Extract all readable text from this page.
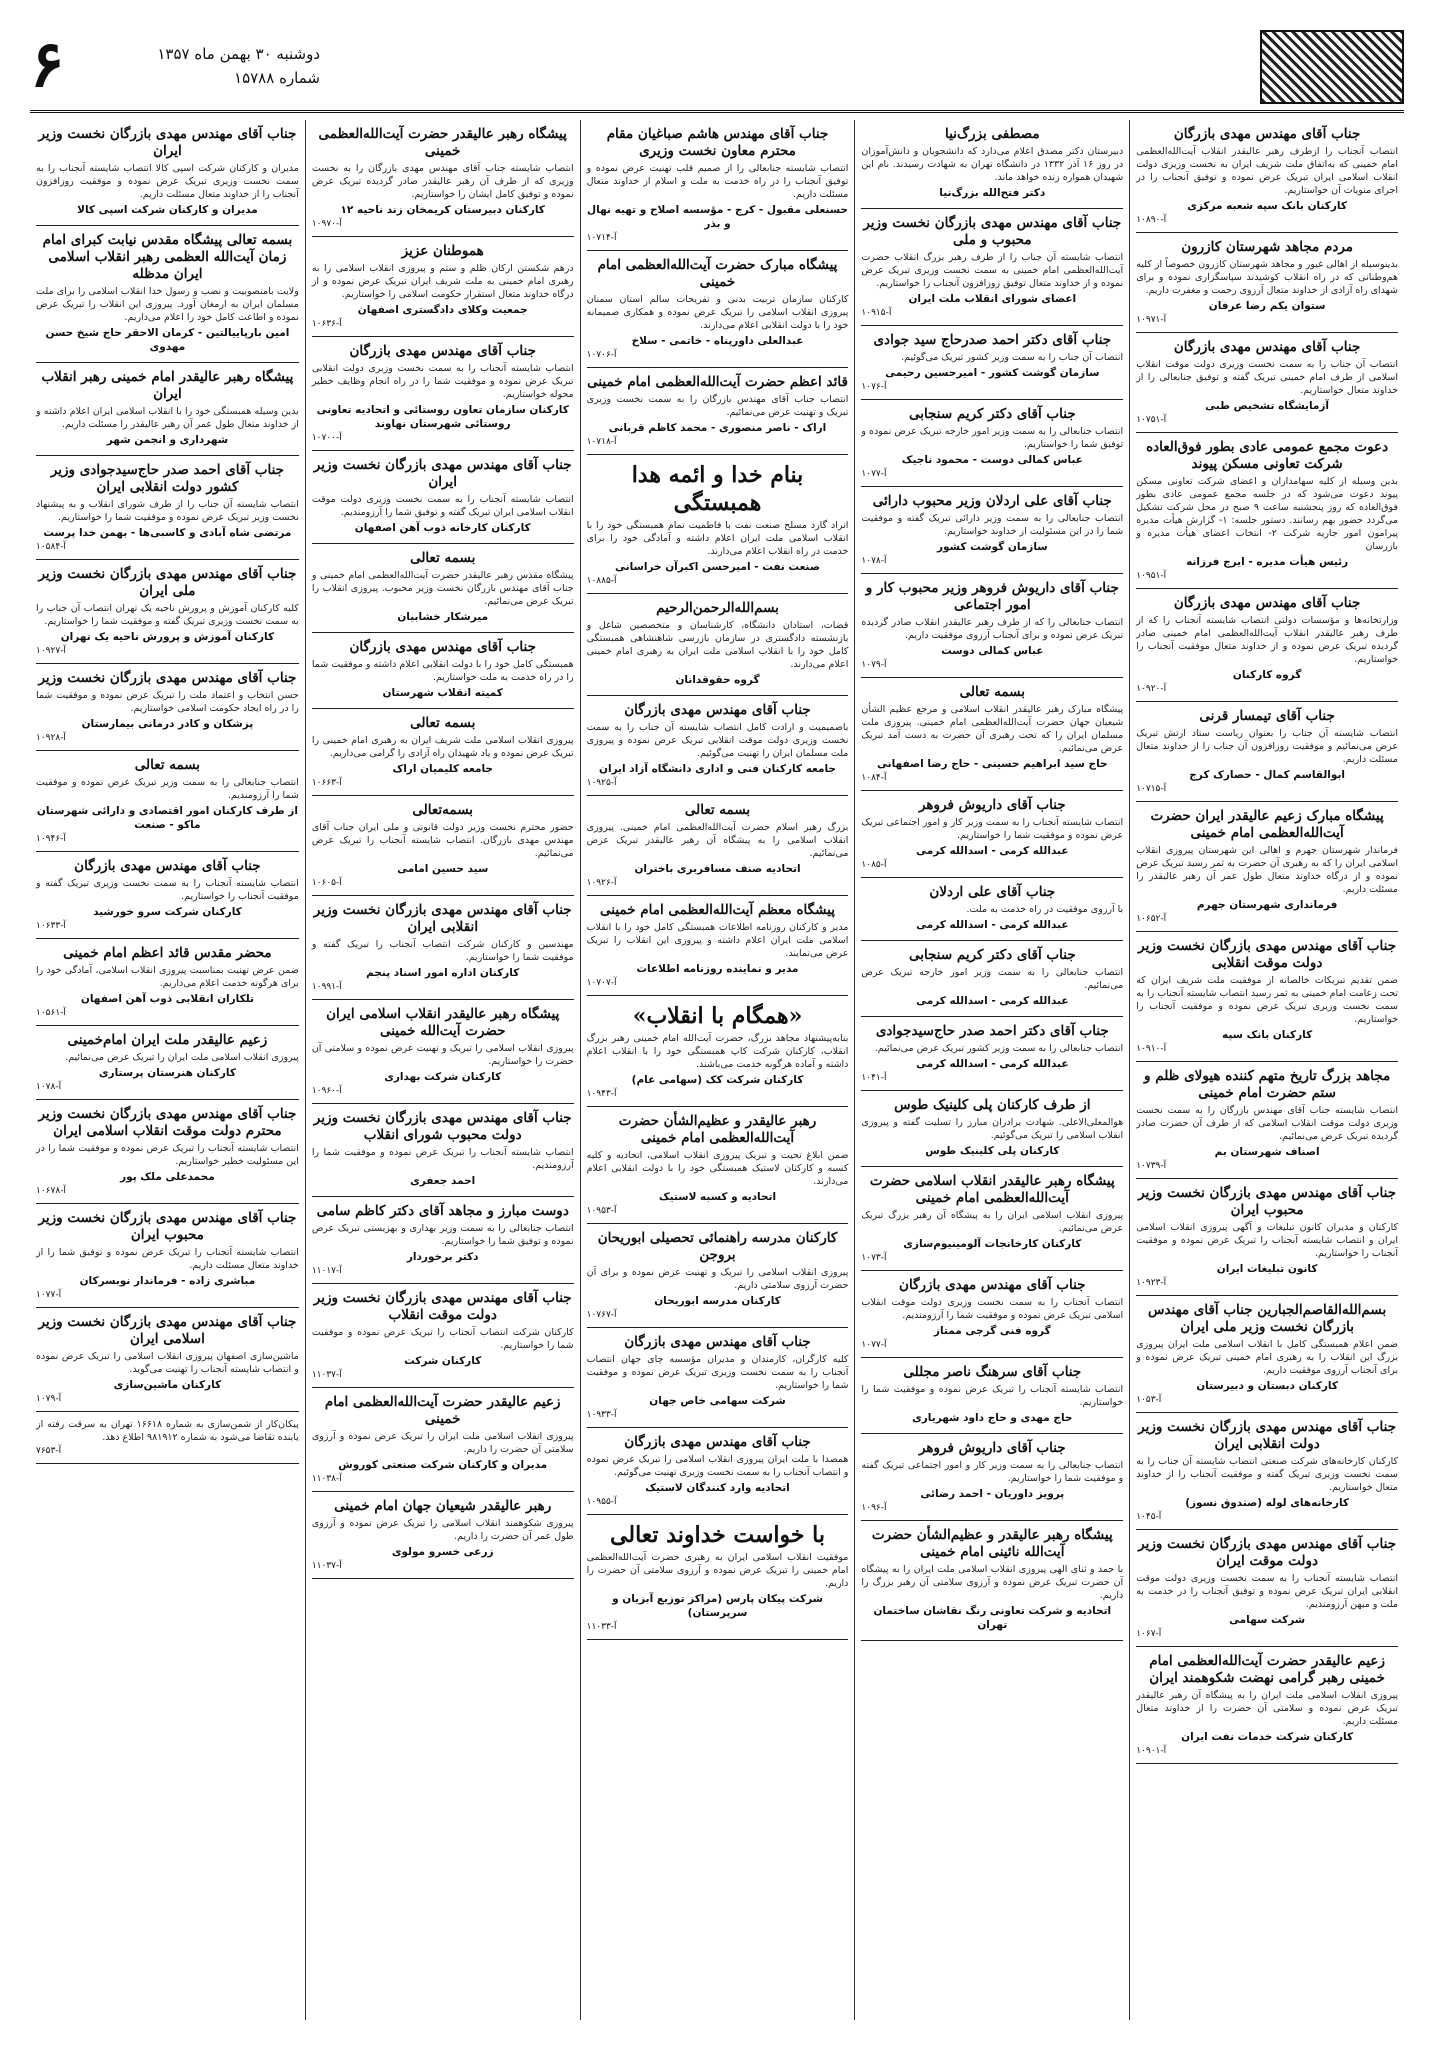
۶	دوشنبه ۳۰ بهمن ماه ۱۳۵۷
شماره ۱۵۷۸۸
جناب آقای مهندس مهدی بازرگان
انتصاب آنجناب را ازطرف رهبر عالیقدر انقلاب آیت‌الله‌العظمی امام خمینی که به‌اتفاق ملت شریف ایران به نخست وزیری دولت انقلاب اسلامی ایران تبریک عرض نموده و توفیق آنجناب را در اجرای منویات آن خواستاریم.
کارکنان بانک سپه شعبه مرکزی
آ-۱۰۸۹۰
مردم مجاهد شهرستان کازرون
بدینوسیله از اهالی غیور و مجاهد شهرستان کازرون خصوصاً از کلیه هم‌وطنانی که در راه انقلاب کوشیدند سپاسگزاری نموده و برای شهدای راه آزادی از خداوند متعال آرزوی رحمت و مغفرت داریم.
ستوان یکم رضا عرفان
آ-۱۰۹۷۱
جناب آقای مهندس مهدی بازرگان
انتصاب آن جناب را به سمت نخست وزیری دولت موقت انقلاب اسلامی از طرف امام خمینی تبریک گفته و توفیق جنابعالی را از خداوند متعال خواستاریم.
آزمایشگاه تشخیص طبی
آ-۱۰۷۵۱
دعوت مجمع عمومی عادی بطور فوق‌العاده شرکت تعاونی مسکن پیوند
بدین وسیله از کلیه سهامداران و اعضای شرکت تعاونی مسکن پیوند دعوت می‌شود که در جلسه مجمع عمومی عادی بطور فوق‌العاده که روز پنجشنبه ساعت ۹ صبح در محل شرکت تشکیل می‌گردد حضور بهم رسانند. دستور جلسه: ۱- گزارش هیأت مدیره پیرامون امور جاریه شرکت ۲- انتخاب اعضای هیأت مدیره و بازرسان
رئیس هیأت مدیره - ایرج فرزانه
آ-۱۰۹۵۱
جناب آقای مهندس مهدی بازرگان
وزارتخانه‌ها و مؤسسات دولتی انتصاب شایسته آنجناب را که از طرف رهبر عالیقدر انقلاب آیت‌الله‌العظمی امام خمینی صادر گردیده تبریک عرض نموده و از خداوند متعال موفقیت آنجناب را خواستاریم.
گروه کارکنان
آ-۱۰۹۲۰
جناب آقای تیمسار قرنی
انتصاب شایسته آن جناب را بعنوان ریاست ستاد ارتش تبریک عرض می‌نمائیم و موفقیت روزافزون آن جناب را از خداوند متعال مسئلت داریم.
ابوالقاسم کمال - حصارک کرج
آ-۱۰۷۱۵
پیشگاه مبارک زعیم عالیقدر ایران حضرت آیت‌الله‌العظمی امام خمینی
فرماندار شهرستان جهرم و اهالی این شهرستان پیروزی انقلاب اسلامی ایران را که به رهبری آن حضرت به ثمر رسید تبریک عرض نموده و از درگاه خداوند متعال طول عمر آن رهبر عالیقدر را مسئلت داریم.
فرمانداری شهرستان جهرم
آ-۱۰۶۵۲
جناب آقای مهندس مهدی بازرگان نخست وزیر دولت موقت انقلابی
ضمن تقدیم تبریکات خالصانه از موفقیت ملت شریف ایران که تحت زعامت امام خمینی به ثمر رسید انتصاب شایسته آنجناب را به سمت نخست وزیری تبریک عرض نموده و موفقیت آنجناب را خواستاریم.
کارکنان بانک سپه
آ-۱۰۹۱۰
مجاهد بزرگ تاریخ متهم کننده هیولای ظلم و ستم حضرت امام خمینی
انتصاب شایسته جناب آقای مهندس بازرگان را به سمت نخست وزیری دولت موقت انقلاب اسلامی که از طرف آن حضرت صادر گردیده تبریک عرض می‌نمائیم.
اصناف شهرستان بم
آ-۱۰۷۳۹
جناب آقای مهندس مهدی بازرگان نخست وزیر محبوب ایران
کارکنان و مدیران کانون تبلیغات و آگهی پیروزی انقلاب اسلامی ایران و انتصاب شایسته آنجناب را تبریک عرض نموده و موفقیت آنجناب را خواستاریم.
کانون تبلیغات ایران
آ-۱۰۹۲۳
بسم‌الله‌القاصم‌الجبارین جناب آقای مهندس بازرگان نخست وزیر ملی ایران
ضمن اعلام همبستگی کامل با انقلاب اسلامی ملت ایران پیروزی بزرگ این انقلاب را به رهبری امام خمینی تبریک عرض نموده و برای آنجناب آرزوی موفقیت داریم.
کارکنان دبستان و دبیرستان
آ-۱۰۵۳
جناب آقای مهندس مهدی بازرگان نخست وزیر دولت انقلابی ایران
کارکنان کارخانه‌های شرکت صنعتی انتصاب شایسته آن جناب را به سمت نخست وزیری تبریک گفته و موفقیت آنجناب را از خداوند متعال خواستاریم.
کارخانه‌های لوله (صندوق نسوز)
آ-۱۰۴۵
جناب آقای مهندس مهدی بازرگان نخست وزیر دولت موقت ایران
انتصاب شایسته آنجناب را به سمت نخست وزیری دولت موقت انقلابی ایران تبریک عرض نموده و توفیق آنجناب را در خدمت به ملت و میهن آرزومندیم.
شرکت سهامی
آ-۱۰۶۷
زعیم عالیقدر حضرت آیت‌الله‌العظمی امام خمینی رهبر گرامی نهضت شکوهمند ایران
پیروزی انقلاب اسلامی ملت ایران را به پیشگاه آن رهبر عالیقدر تبریک عرض نموده و سلامتی آن حضرت را از خداوند متعال مسئلت داریم.
کارکنان شرکت خدمات نفت ایران
آ-۱۰۹۰۱
مصطفی بزرگ‌نیا
دبیرستان دکتر مصدق اعلام می‌دارد که دانشجویان و دانش‌آموزان در روز ۱۶ آذر ۱۳۳۲ در دانشگاه تهران به شهادت رسیدند. نام این شهیدان همواره زنده خواهد ماند.
دکتر فتح‌الله بزرگ‌نیا
جناب آقای مهندس مهدی بازرگان نخست وزیر محبوب و ملی
انتصاب شایسته آن جناب را از طرف رهبر بزرگ انقلاب حضرت آیت‌الله‌العظمی امام خمینی به سمت نخست وزیری تبریک عرض نموده و از خداوند متعال توفیق روزافزون آنجناب را خواستاریم.
اعضای شورای انقلاب ملت ایران
آ-۱۰۹۱۵
جناب آقای دکتر احمد صدرحاج سید جوادی
انتصاب آن جناب را به سمت وزیر کشور تبریک می‌گوئیم.
سازمان گوشت کشور - امیرحسین رحیمی
آ-۱۰۷۶
جناب آقای دکتر کریم سنجابی
انتصاب جنابعالی را به سمت وزیر امور خارجه تبریک عرض نموده و توفیق شما را خواستاریم.
عباس کمالی دوست - محمود ناجیک
آ-۱۰۷۷
جناب آقای علی اردلان وزیر محبوب دارائی
انتصاب جنابعالی را به سمت وزیر دارائی تبریک گفته و موفقیت شما را در این مسئولیت از خداوند خواستاریم.
سازمان گوشت کشور
آ-۱۰۷۸
جناب آقای داریوش فروهر وزیر محبوب کار و امور اجتماعی
انتصاب جنابعالی را که از طرف رهبر عالیقدر انقلاب صادر گردیده تبریک عرض نموده و برای آنجناب آرزوی موفقیت داریم.
عباس کمالی دوست
آ-۱۰۷۹
بسمه تعالی
پیشگاه مبارک رهبر عالیقدر انقلاب اسلامی و مرجع عظیم الشأن شیعیان جهان حضرت آیت‌الله‌العظمی امام خمینی. پیروزی ملت مسلمان ایران را که تحت رهبری آن حضرت به دست آمد تبریک عرض می‌نمائیم.
حاج سید ابراهیم حسینی - حاج رضا اصفهانی
آ-۱۰۸۴
جناب آقای داریوش فروهر
انتصاب شایسته آنجناب را به سمت وزیر کار و امور اجتماعی تبریک عرض نموده و موفقیت شما را خواستاریم.
عبدالله کرمی - اسدالله کرمی
آ-۱۰۸۵
جناب آقای علی اردلان
با آرزوی موفقیت در راه خدمت به ملت.
عبدالله کرمی - اسدالله کرمی
جناب آقای دکتر کریم سنجابی
انتصاب جنابعالی را به سمت وزیر امور خارجه تبریک عرض می‌نمائیم.
عبدالله کرمی - اسدالله کرمی
جناب آقای دکتر احمد صدر حاج‌سیدجوادی
انتصاب جنابعالی را به سمت وزیر کشور تبریک عرض می‌نمائیم.
عبدالله کرمی - اسدالله کرمی
آ-۱۰۴۱
از طرف کارکنان پلی کلینیک طوس
هوالمعلی‌الاعلی. شهادت برادران مبارز را تسلیت گفته و پیروزی انقلاب اسلامی را تبریک می‌گوئیم.
کارکنان پلی کلینیک طوس
پیشگاه رهبر عالیقدر انقلاب اسلامی حضرت آیت‌الله‌العظمی امام خمینی
پیروزی انقلاب اسلامی ایران را به پیشگاه آن رهبر بزرگ تبریک عرض می‌نمائیم.
کارکنان کارخانجات آلومینیوم‌سازی
آ-۱۰۷۳
جناب آقای مهندس مهدی بازرگان
انتصاب آنجناب را به سمت نخست وزیری دولت موقت انقلاب اسلامی تبریک عرض نموده و موفقیت شما را آرزومندیم.
گروه فنی گرجی ممتاز
آ-۱۰۷۷
جناب آقای سرهنگ ناصر مجللی
انتصاب شایسته آنجناب را تبریک عرض نموده و موفقیت شما را خواستاریم.
حاج مهدی و حاج داود شهریاری
جناب آقای داریوش فروهر
انتصاب جنابعالی را به سمت وزیر کار و امور اجتماعی تبریک گفته و موفقیت شما را خواستاریم.
پرویز داوریان - احمد رضائی
آ-۱۰۹۶
پیشگاه رهبر عالیقدر و عظیم‌الشأن حضرت آیت‌الله نائینی امام خمینی
با حمد و ثنای الهی پیروزی انقلاب اسلامی ملت ایران را به پیشگاه آن حضرت تبریک عرض نموده و آرزوی سلامتی آن رهبر بزرگ را داریم.
اتحادیه و شرکت تعاونی رنگ نقاشان ساختمان تهران
جناب آقای مهندس هاشم صباغیان مقام محترم معاون نخست وزیری
انتصاب شایسته جنابعالی را از صمیم قلب تهنیت عرض نموده و توفیق آنجناب را در راه خدمت به ملت و اسلام از خداوند متعال مسئلت داریم.
حسنعلی مقبول - کرج - مؤسسه اصلاح و تهیه نهال و بذر
آ-۱۰۷۱۴
پیشگاه مبارک حضرت آیت‌الله‌العظمی امام خمینی
کارکنان سازمان تربیت بدنی و تفریحات سالم استان سمنان پیروزی انقلاب اسلامی را تبریک عرض نموده و همکاری صمیمانه خود را با دولت انقلابی اعلام می‌دارند.
عبدالعلی داورپناه - خاتمی - سلاخ
آ-۱۰۷۰۶
قائد اعظم حضرت آیت‌الله‌العظمی امام خمینی
انتصاب جناب آقای مهندس بازرگان را به سمت نخست وزیری تبریک و تهنیت عرض می‌نمائیم.
اراک - ناصر منصوری - محمد کاظم قربانی
آ-۱۰۷۱۸
بنام خدا و ائمه هدا همبستگی
انراد گارد مسلح صنعت نفت با فاطمیت تمام همبستگی خود را با انقلاب اسلامی ملت ایران اعلام داشته و آمادگی خود را برای خدمت در راه انقلاب اعلام می‌دارند.
صنعت نفت - امیرحسن اکبرآن خراسانی
آ-۱۰۸۸۵
بسم‌الله‌الرحمن‌الرحیم
قضات، استادان دانشگاه، کارشناسان و متخصصین شاغل و بازنشسته دادگستری در سازمان بازرسی شاهنشاهی همبستگی کامل خود را با انقلاب اسلامی ملت ایران به رهبری امام خمینی اعلام می‌دارند.
گروه حقوقدانان
جناب آقای مهندس مهدی بازرگان
باصمیمیت و ارادت کامل انتصاب شایسته آن جناب را به سمت نخست وزیری دولت موقت انقلابی تبریک عرض نموده و پیروزی ملت مسلمان ایران را تهنیت می‌گوئیم.
جامعه کارکنان فنی و اداری دانشگاه آزاد ایران
آ-۱۰۹۲۵
بسمه تعالی
بزرگ رهبر اسلام حضرت آیت‌الله‌العظمی امام خمینی. پیروزی انقلاب اسلامی را به پیشگاه آن رهبر عالیقدر تبریک عرض می‌نمائیم.
اتحادیه صنف مسافربری باختران
آ-۱۰۹۲۶
پیشگاه معظم آیت‌الله‌العظمی امام خمینی
مدیر و کارکنان روزنامه اطلاعات همبستگی کامل خود را با انقلاب اسلامی ملت ایران اعلام داشته و پیروزی این انقلاب را تبریک عرض می‌نمایند.
مدیر و نماینده روزنامه اطلاعات
آ-۱۰۷۰۷
«همگام با انقلاب»
بنابه‌پیشنهاد مجاهد بزرگ، حضرت آیت‌الله امام خمینی رهبر بزرگ انقلاب، کارکنان شرکت کاپ همبستگی خود را با انقلاب اعلام داشته و آماده هرگونه خدمت می‌باشند.
کارکنان شرکت کک (سهامی عام)
آ-۱۰۹۴۳
رهبر عالیقدر و عظیم‌الشأن حضرت آیت‌الله‌العظمی امام خمینی
ضمن ابلاغ تحیت و تبریک پیروزی انقلاب اسلامی، اتحادیه و کلیه کسبه و کارکنان لاستیک همبستگی خود را با دولت انقلابی اعلام می‌دارند.
اتحادیه و کسبه لاستیک
آ-۱۰۹۵۳
کارکنان مدرسه راهنمائی تحصیلی ابوریحان بروجن
پیروزی انقلاب اسلامی را تبریک و تهنیت عرض نموده و برای آن حضرت آرزوی سلامتی داریم.
کارکنان مدرسه ابوریحان
آ-۱۰۷۶۷
جناب آقای مهندس مهدی بازرگان
کلیه کارگران، کارمندان و مدیران مؤسسه چای جهان انتصاب آنجناب را به سمت نخست وزیری تبریک عرض نموده و موفقیت شما را خواستاریم.
شرکت سهامی خاص جهان
آ-۱۰۹۳۳
جناب آقای مهندس مهدی بازرگان
همصدا با ملت ایران پیروزی انقلاب اسلامی را تبریک عرض نموده و انتصاب آنجناب را به سمت نخست وزیری تهنیت می‌گوئیم.
اتحادیه وارد کنندگان لاستیک
آ-۱۰۹۵۵
با خواست خداوند تعالی
موفقیت انقلاب اسلامی ایران به رهبری حضرت آیت‌الله‌العظمی امام خمینی را تبریک عرض نموده و آرزوی سلامتی آن حضرت را داریم.
شرکت پیکان پارس (مراکز توزیع آبزیان و سرپرستان)
آ-۱۱۰۳۳
پیشگاه رهبر عالیقدر حضرت آیت‌الله‌العظمی خمینی
انتصاب شایسته جناب آقای مهندس مهدی بازرگان را به نخست وزیری که از طرف آن رهبر عالیقدر صادر گردیده تبریک عرض نموده و توفیق کامل ایشان را خواستاریم.
کارکنان دبیرستان کریمخان زند ناحیه ۱۲
آ-۱۰۹۷۰
هموطنان عزیز
درهم شکستن ارکان ظلم و ستم و پیروزی انقلاب اسلامی را به رهبری امام خمینی به ملت شریف ایران تبریک عرض نموده و از درگاه خداوند متعال استقرار حکومت اسلامی را خواستاریم.
جمعیت وکلای دادگستری اصفهان
آ-۱۰۶۳۶
جناب آقای مهندس مهدی بازرگان
انتصاب شایسته آنجناب را به سمت نخست وزیری دولت انقلابی تبریک عرض نموده و موفقیت شما را در راه انجام وظایف خطیر محوله خواستاریم.
کارکنان سازمان تعاون روستائی و اتحادیه تعاونی روستائی شهرستان نهاوند
آ-۱۰۷۰۰
جناب آقای مهندس مهدی بازرگان نخست وزیر ایران
انتصاب شایسته آنجناب را به سمت نخست وزیری دولت موقت انقلاب اسلامی ایران تبریک گفته و توفیق شما را آرزومندیم.
کارکنان کارخانه ذوب آهن اصفهان
بسمه تعالی
پیشگاه مقدس رهبر عالیقدر حضرت آیت‌الله‌العظمی امام خمینی و جناب آقای مهندس بازرگان نخست وزیر محبوب. پیروزی انقلاب را تبریک عرض می‌نمائیم.
میرشکار خشابیان
جناب آقای مهندس مهدی بازرگان
همبستگی کامل خود را با دولت انقلابی اعلام داشته و موفقیت شما را در راه خدمت به ملت خواستاریم.
کمیته انقلاب شهرستان
بسمه تعالی
پیروزی انقلاب اسلامی ملت شریف ایران به رهبری امام خمینی را تبریک عرض نموده و یاد شهیدان راه آزادی را گرامی می‌داریم.
جامعه کلیمیان اراک
آ-۱۰۶۶۳
بسمه‌تعالی
حضور محترم نخست وزیر دولت قانونی و ملی ایران جناب آقای مهندس مهدی بازرگان. انتصاب شایسته آنجناب را تبریک عرض می‌نمائیم.
سید حسین امامی
آ-۱۰۶۰۵
جناب آقای مهندس مهدی بازرگان نخست وزیر انقلابی ایران
مهندسین و کارکنان شرکت انتصاب آنجناب را تبریک گفته و موفقیت شما را خواستاریم.
کارکنان اداره امور اسناد پنجم
آ-۱۰۹۹۱
پیشگاه رهبر عالیقدر انقلاب اسلامی ایران حضرت آیت‌الله خمینی
پیروزی انقلاب اسلامی را تبریک و تهنیت عرض نموده و سلامتی آن حضرت را خواستاریم.
کارکنان شرکت بهداری
آ-۱۰۹۶۰
جناب آقای مهندس مهدی بازرگان نخست وزیر دولت محبوب شورای انقلاب
انتصاب شایسته آنجناب را تبریک عرض نموده و موفقیت شما را آرزومندیم.
احمد جعفری
دوست مبارز و مجاهد آقای دکتر کاظم سامی
انتصاب جنابعالی را به سمت وزیر بهداری و بهزیستی تبریک عرض نموده و توفیق شما را خواستاریم.
دکتر برخوردار
آ-۱۱۰۱۷
جناب آقای مهندس مهدی بازرگان نخست وزیر دولت موقت انقلاب
کارکنان شرکت انتصاب آنجناب را تبریک عرض نموده و موفقیت شما را خواستاریم.
کارکنان شرکت
آ-۱۱۰۳۷
زعیم عالیقدر حضرت آیت‌الله‌العظمی امام خمینی
پیروزی انقلاب اسلامی ملت ایران را تبریک عرض نموده و آرزوی سلامتی آن حضرت را داریم.
مدیران و کارکنان شرکت صنعتی کوروش
آ-۱۱۰۳۸
رهبر عالیقدر شیعیان جهان امام خمینی
پیروزی شکوهمند انقلاب اسلامی را تبریک عرض نموده و آرزوی طول عمر آن حضرت را داریم.
زرعی خسرو مولوی
آ-۱۱۰۳۷
جناب آقای مهندس مهدی بازرگان نخست وزیر ایران
مدیران و کارکنان شرکت اسپی کالا انتصاب شایسته آنجناب را به سمت نخست وزیری تبریک عرض نموده و موفقیت روزافزون آنجناب را از خداوند متعال مسئلت داریم.
مدیران و کارکنان شرکت اسپی کالا
بسمه تعالی پیشگاه مقدس نیابت کبرای امام زمان آیت‌الله العظمی رهبر انقلاب اسلامی ایران مدظله
ولایت بامنصوبیت و نصب و رسول خدا انقلاب اسلامی را برای ملت مسلمان ایران به ارمغان آورد. پیروزی این انقلاب را تبریک عرض نموده و اطاعت کامل خود را اعلام می‌داریم.
امین بارپاییالتین - کرمان الاحقر حاج شیخ حسن مهدوی
پیشگاه رهبر عالیقدر امام خمینی رهبر انقلاب ایران
بدین وسیله همبستگی خود را با انقلاب اسلامی ایران اعلام داشته و از خداوند متعال طول عمر آن رهبر عالیقدر را مسئلت داریم.
شهرداری و انجمن شهر
جناب آقای احمد صدر حاج‌سیدجوادی وزیر کشور دولت انقلابی ایران
انتصاب شایسته آن جناب را از طرف شورای انقلاب و به پیشنهاد نخست وزیر تبریک عرض نموده و موفقیت شما را خواستاریم.
مرتضی شاه آبادی و کاسبی‌ها - بهمن خدا پرست
آ-۱۰۵۸۴
جناب آقای مهندس مهدی بازرگان نخست وزیر ملی ایران
کلیه کارکنان آموزش و پرورش ناحیه یک تهران انتصاب آن جناب را به سمت نخست وزیری تبریک گفته و موفقیت شما را خواستاریم.
کارکنان آموزش و پرورش ناحیه یک تهران
آ-۱۰۹۲۷
جناب آقای مهندس مهدی بازرگان نخست وزیر
حسن انتخاب و اعتماد ملت را تبریک عرض نموده و موفقیت شما را در راه ایجاد حکومت اسلامی خواستاریم.
پزشکان و کادر درمانی بیمارستان
آ-۱۰۹۲۸
بسمه تعالی
انتصاب جنابعالی را به سمت وزیر تبریک عرض نموده و موفقیت شما را آرزومندیم.
از طرف کارکنان امور اقتصادی و دارائی شهرستان ماکو - صنعت
آ-۱۰۹۴۶
جناب آقای مهندس مهدی بازرگان
انتصاب شایسته آنجناب را به سمت نخست وزیری تبریک گفته و موفقیت آنجناب را خواستاریم.
کارکنان شرکت سرو خورشید
آ-۱۰۶۳۳
محضر مقدس قائد اعظم امام خمینی
ضمن عرض تهنیت بمناسبت پیروزی انقلاب اسلامی، آمادگی خود را برای هرگونه خدمت اعلام می‌داریم.
تلکاران انقلابی ذوب آهن اصفهان
آ-۱۰۵۶۱
زعیم عالیقدر ملت ایران امام‌خمینی
پیروزی انقلاب اسلامی ملت ایران را تبریک عرض می‌نمائیم.
کارکنان هنرستان پرستاری
آ-۱۰۷۸
جناب آقای مهندس مهدی بازرگان نخست وزیر محترم دولت موقت انقلاب اسلامی ایران
انتصاب شایسته آنجناب را تبریک عرض نموده و موفقیت شما را در این مسئولیت خطیر خواستاریم.
محمدعلی ملک پور
آ-۱۰۶۷۸
جناب آقای مهندس مهدی بازرگان نخست وزیر محبوب ایران
انتصاب شایسته آنجناب را تبریک عرض نموده و توفیق شما را از خداوند متعال مسئلت داریم.
مباشری زاده - فرماندار نوبسرکان
آ-۱۰۷۷
جناب آقای مهندس مهدی بازرگان نخست وزیر اسلامی ایران
ماشین‌سازی اصفهان پیروزی انقلاب اسلامی را تبریک عرض نموده و انتصاب شایسته آنجناب را تهنیت می‌گوید.
کارکنان ماشین‌سازی
آ-۱۰۷۹
پیکان‌کار از شمن‌سازی به شماره ۱۶۶۱۸ تهران به سرقت رفته از یابنده تقاضا می‌شود به شماره ۹۸۱۹۱۲ اطلاع دهد.
آ-۷۶۵۳
